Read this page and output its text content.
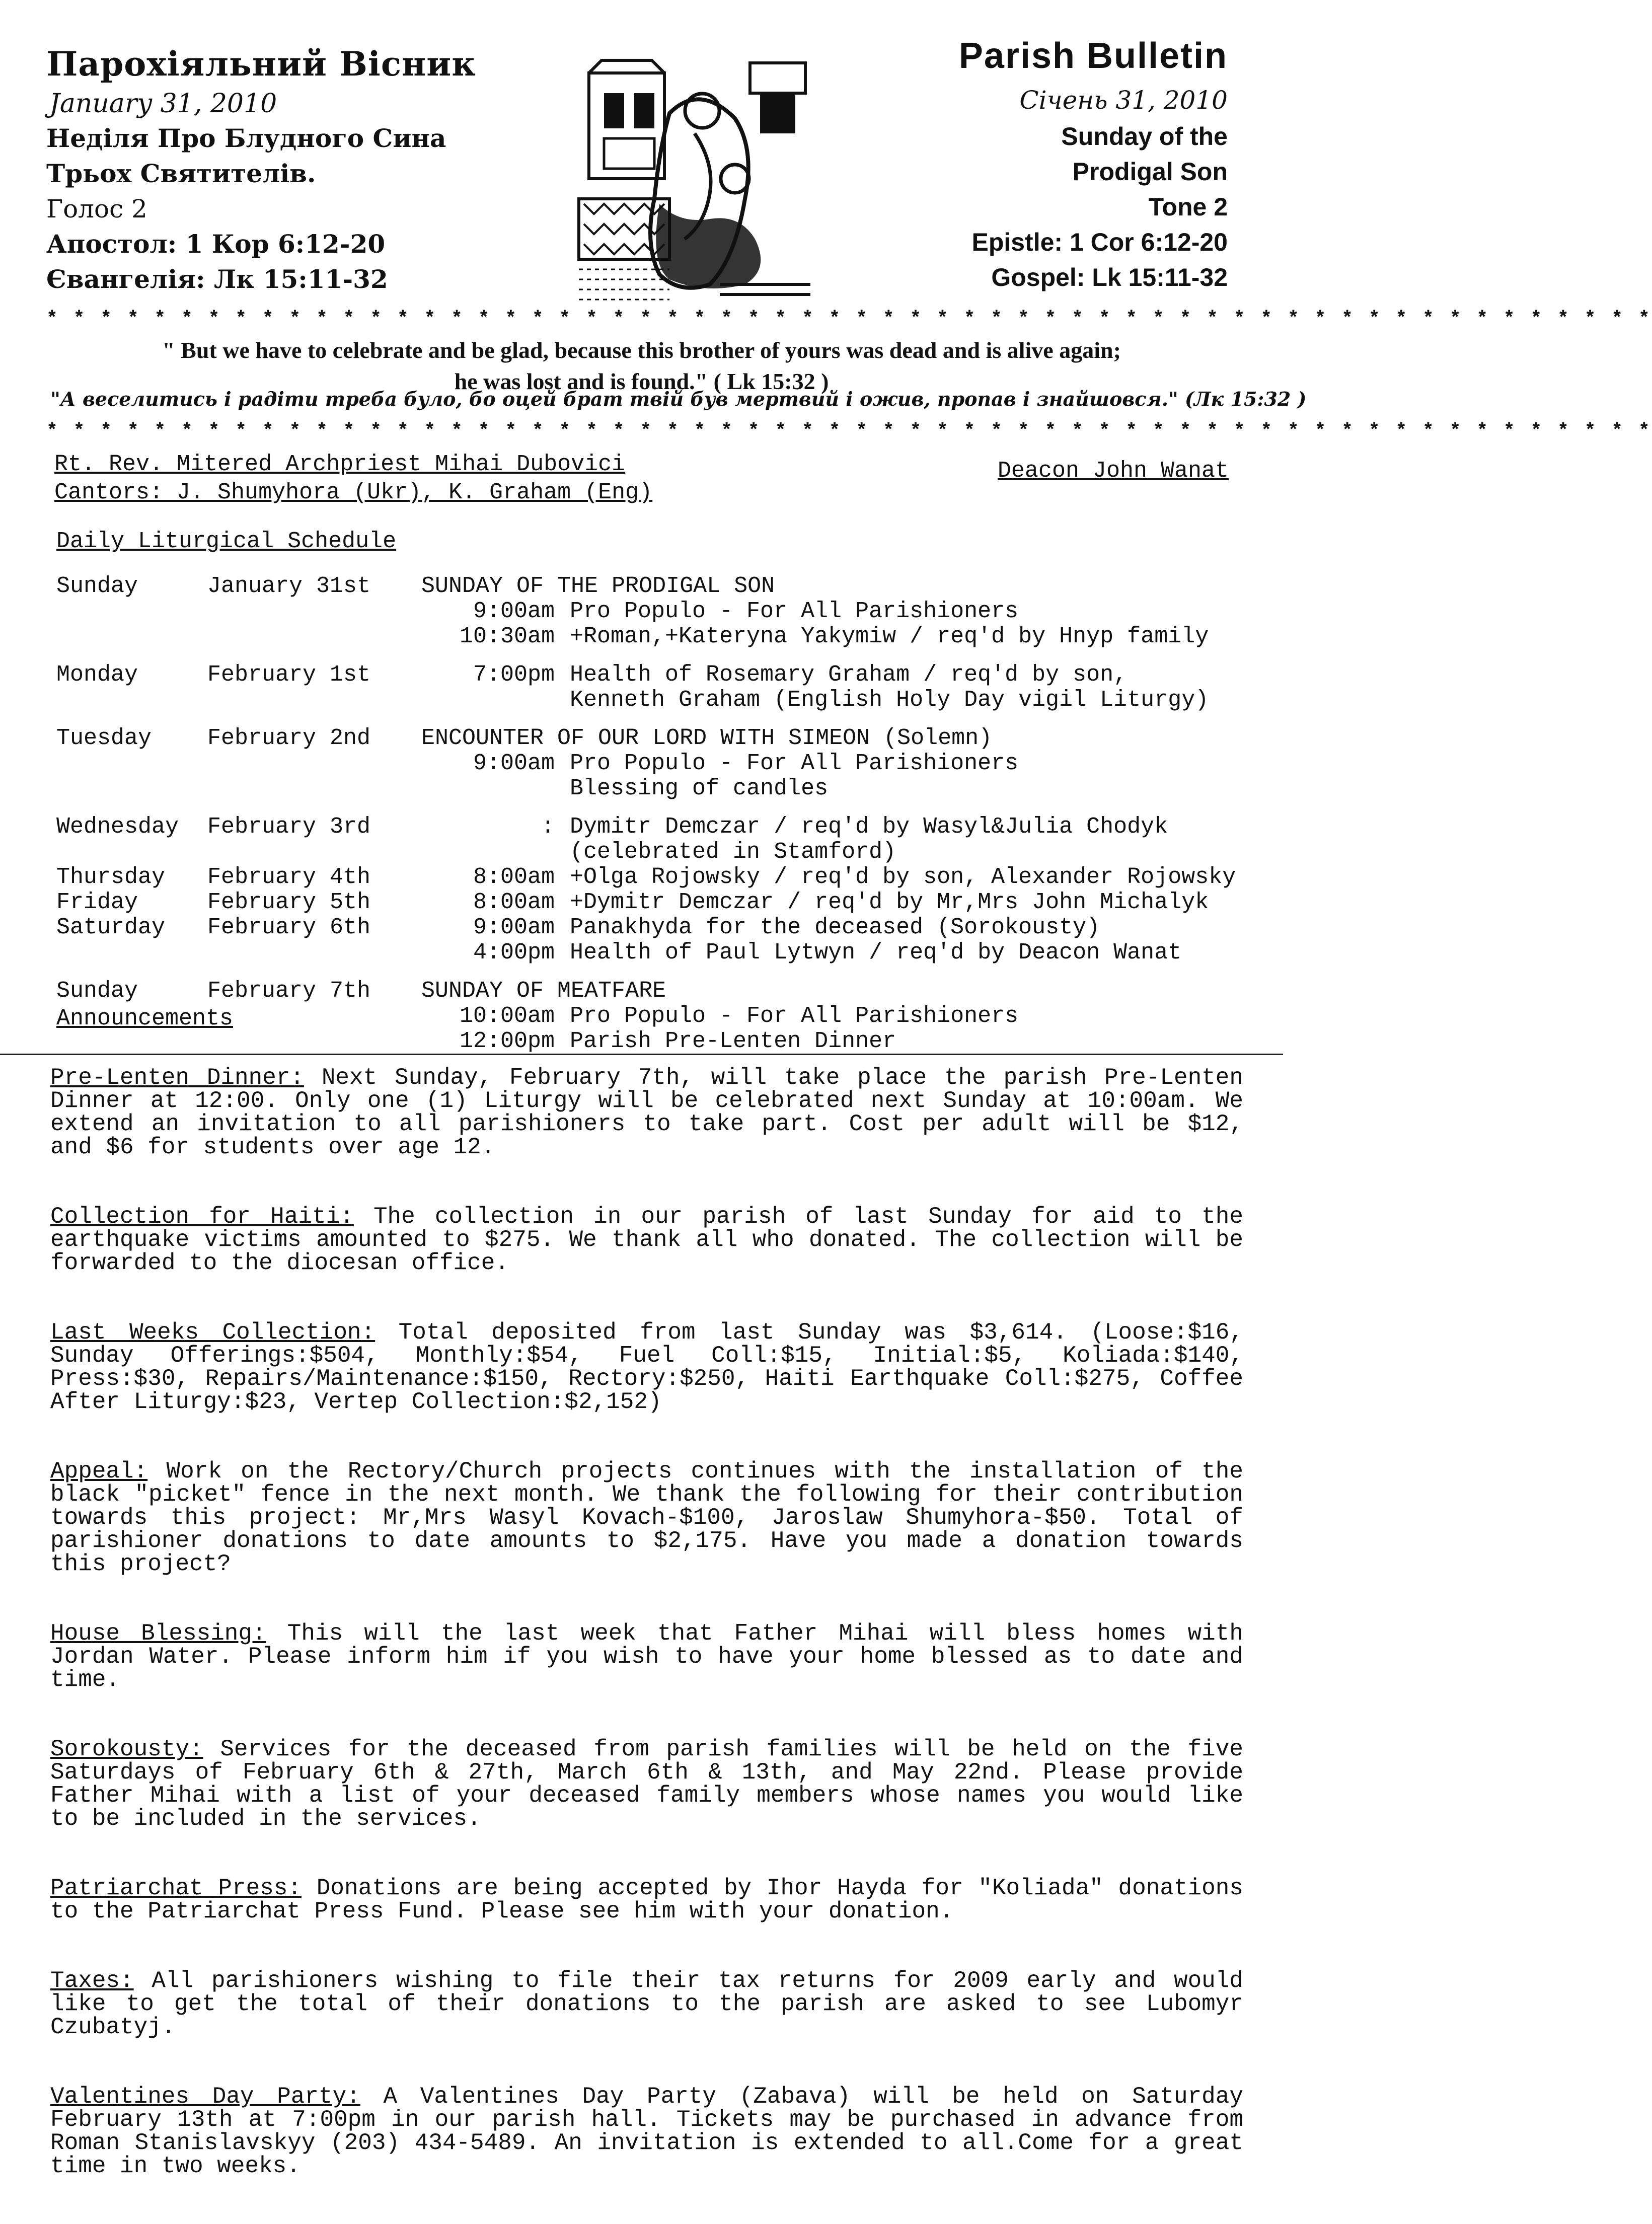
Парохіяльний Вісник
January 31, 2010
Неділя Про Блудного Сина
Трьох Святителів.
Голос 2
Апостол: 1 Кор 6:12-20
Євангелія: Лк 15:11-32
Parish Bulletin
Січень 31, 2010
Sunday of the
Prodigal Son
Tone 2
Epistle: 1 Cor 6:12-20
Gospel: Lk 15:11-32
* * * * * * * * * * * * * * * * * * * * * * * * * * * * * * * * * * * * * * * * * * * * * * * * * * * * * * * * * * * *
" But we have to celebrate and be glad, because this brother of yours was dead and is alive again;
he was lost and is found." ( Lk 15:32 )
"А веселитись і радіти треба було, бо оцей брат твій був мертвий і ожив, пропав і знайшовся." (Лк 15:32 )
* * * * * * * * * * * * * * * * * * * * * * * * * * * * * * * * * * * * * * * * * * * * * * * * * * * * * * * * * * * *
Rt. Rev. Mitered Archpriest Mihai Dubovici
Cantors: J. Shumyhora (Ukr), K. Graham (Eng)
Deacon John Wanat
Daily Liturgical Schedule
Sunday	January 31st	SUNDAY OF THE PRODIGAL SON
9:00am Pro Populo - For All Parishioners
10:30am +Roman,+Kateryna Yakymiw / req'd by Hnyp family
Monday	February 1st	7:00pm Health of Rosemary Graham / req'd by son,
Kenneth Graham (English Holy Day vigil Liturgy)
Tuesday	February 2nd	ENCOUNTER OF OUR LORD WITH SIMEON (Solemn)
9:00am Pro Populo - For All Parishioners
Blessing of candles
Wednesday	February 3rd	: Dymitr Demczar / req'd by Wasyl&Julia Chodyk
(celebrated in Stamford)
Thursday	February 4th	8:00am +Olga Rojowsky / req'd by son, Alexander Rojowsky
Friday	February 5th	8:00am +Dymitr Demczar / req'd by Mr,Mrs John Michalyk
Saturday	February 6th	9:00am Panakhyda for the deceased (Sorokousty)
4:00pm Health of Paul Lytwyn / req'd by Deacon Wanat
Sunday	February 7th	SUNDAY OF MEATFARE
10:00am Pro Populo - For All Parishioners
12:00pm Parish Pre-Lenten Dinner
Announcements

Pre-Lenten Dinner: Next Sunday, February 7th, will take place the parish Pre-Lenten Dinner at 12:00. Only one (1) Liturgy will be celebrated next Sunday at 10:00am. We extend an invitation to all parishioners to take part. Cost per adult will be $12, and $6 for students over age 12.

Collection for Haiti: The collection in our parish of last Sunday for aid to the earthquake victims amounted to $275. We thank all who donated. The collection will be forwarded to the diocesan office.

Last Weeks Collection: Total deposited from last Sunday was $3,614. (Loose:$16, Sunday Offerings:$504, Monthly:$54, Fuel Coll:$15, Initial:$5, Koliada:$140, Press:$30, Repairs/Maintenance:$150, Rectory:$250, Haiti Earthquake Coll:$275, Coffee After Liturgy:$23, Vertep Collection:$2,152)

Appeal: Work on the Rectory/Church projects continues with the installation of the black "picket" fence in the next month. We thank the following for their contribution towards this project: Mr,Mrs Wasyl Kovach-$100, Jaroslaw Shumyhora-$50. Total of parishioner donations to date amounts to $2,175. Have you made a donation towards this project?

House Blessing: This will the last week that Father Mihai will bless homes with Jordan Water. Please inform him if you wish to have your home blessed as to date and time.

Sorokousty: Services for the deceased from parish families will be held on the five Saturdays of February 6th & 27th, March 6th & 13th, and May 22nd. Please provide Father Mihai with a list of your deceased family members whose names you would like to be included in the services.

Patriarchat Press: Donations are being accepted by Ihor Hayda for "Koliada" donations to the Patriarchat Press Fund. Please see him with your donation.

Taxes: All parishioners wishing to file their tax returns for 2009 early and would like to get the total of their donations to the parish are asked to see Lubomyr Czubatyj.

Valentines Day Party: A Valentines Day Party (Zabava) will be held on Saturday February 13th at 7:00pm in our parish hall. Tickets may be purchased in advance from Roman Stanislavskyy (203) 434-5489. An invitation is extended to all.Come for a great time in two weeks.
